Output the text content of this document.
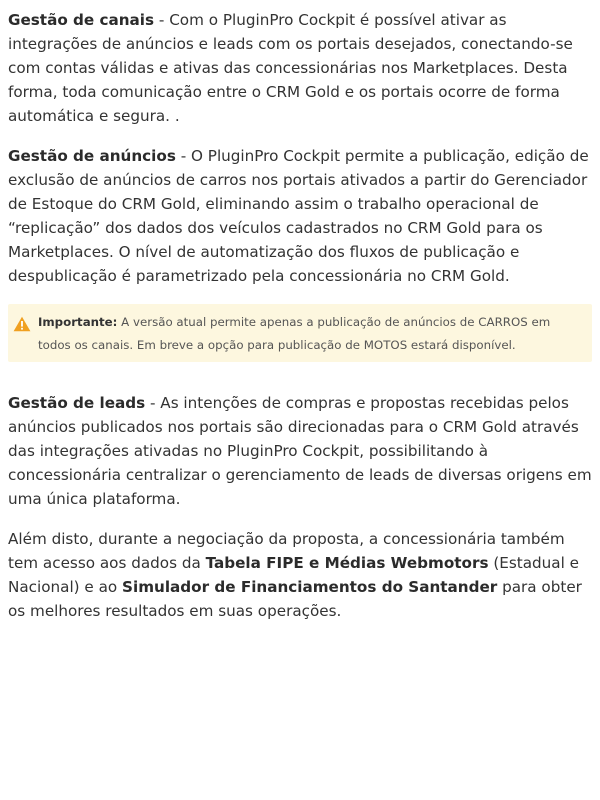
Gestão de canais - Com o PluginPro Cockpit é possível ativar as integrações de anúncios e leads com os portais desejados, conectando-se com contas válidas e ativas das concessionárias nos Marketplaces. Desta forma, toda comunicação entre o CRM Gold e os portais ocorre de forma automática e segura. .

Gestão de anúncios - O PluginPro Cockpit permite a publicação, edição de exclusão de anúncios de carros nos portais ativados a partir do Gerenciador de Estoque do CRM Gold, eliminando assim o trabalho operacional de “replicação” dos dados dos veículos cadastrados no CRM Gold para os Marketplaces. O nível de automatização dos fluxos de publicação e despublicação é parametrizado pela concessionária no CRM Gold.

Importante: A versão atual permite apenas a publicação de anúncios de CARROS em todos os canais. Em breve a opção para publicação de MOTOS estará disponível.

Gestão de leads - As intenções de compras e propostas recebidas pelos anúncios publicados nos portais são direcionadas para o CRM Gold através das integrações ativadas no PluginPro Cockpit, possibilitando à concessionária centralizar o gerenciamento de leads de diversas origens em uma única plataforma.

Além disto, durante a negociação da proposta, a concessionária também tem acesso aos dados da Tabela FIPE e Médias Webmotors (Estadual e Nacional) e ao Simulador de Financiamentos do Santander para obter os melhores resultados em suas operações.
